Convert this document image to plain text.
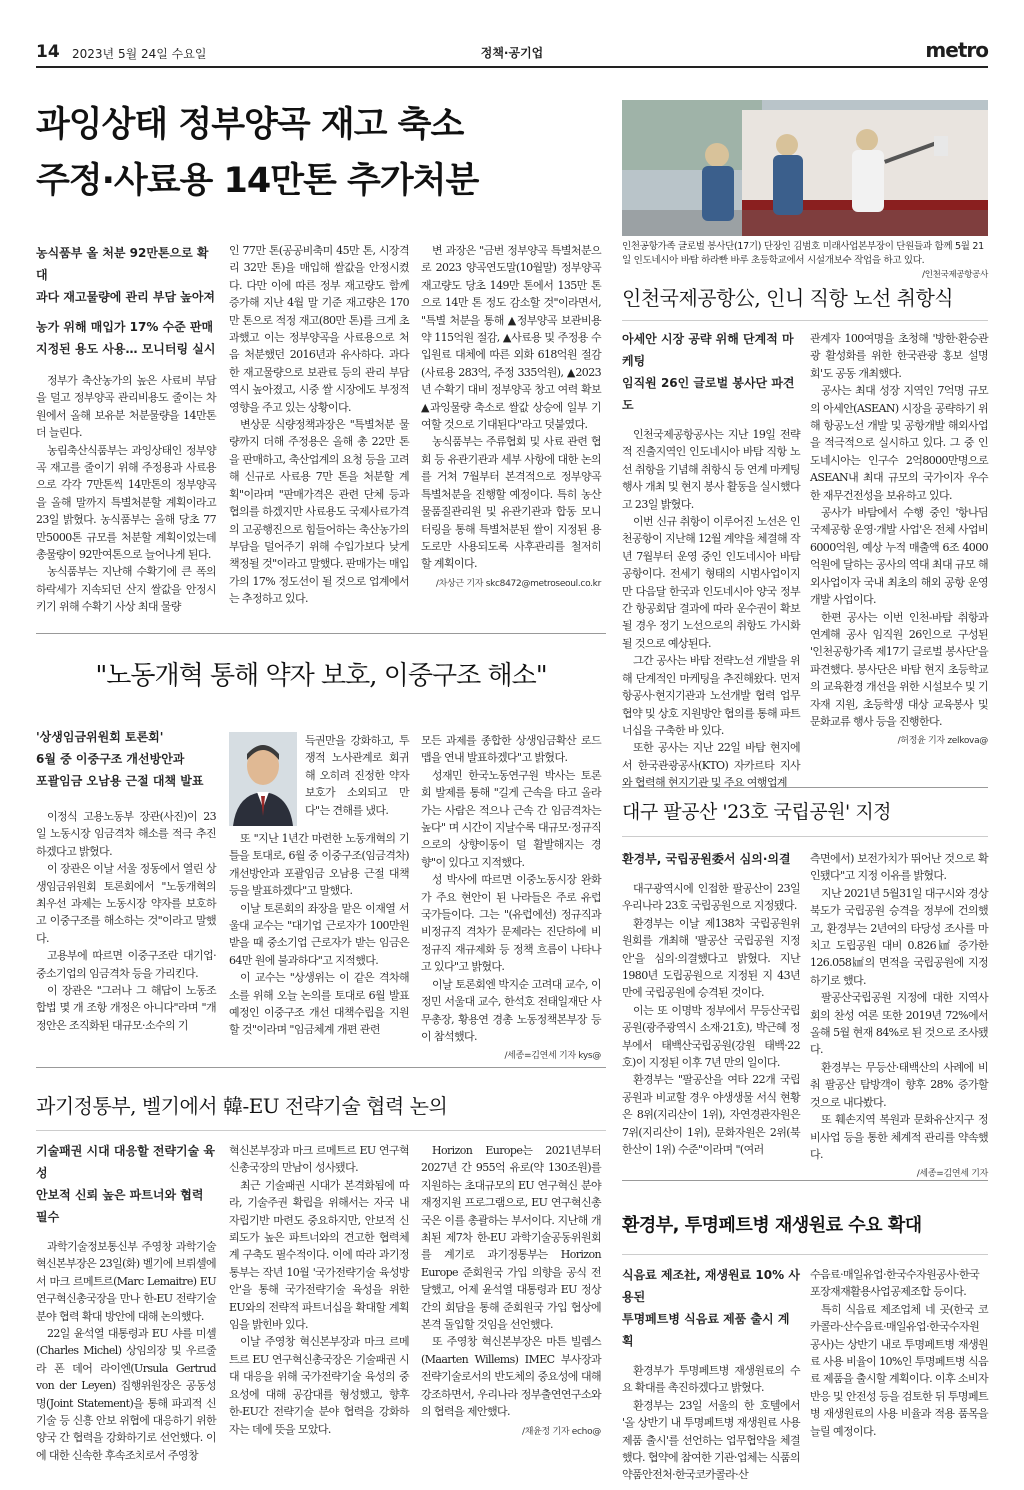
14 2023년 5월 24일 수요일	정책·공기업	metro
과잉상태 정부양곡 재고 축소
주정·사료용 14만톤 추가처분
농식품부 올 처분 92만톤으로 확대
과다 재고물량에 관리 부담 높아져
농가 위해 매입가 17% 수준 판매
지정된 용도 사용… 모니터링 실시

정부가 축산농가의 높은 사료비 부담을 덜고 정부양곡 관리비용도 줄이는 차원에서 올해 보유분 처분물량을 14만톤 더 늘린다.

농림축산식품부는 과잉상태인 정부양곡 재고를 줄이기 위해 주정용과 사료용으로 각각 7만톤씩 14만톤의 정부양곡을 올해 말까지 특별처분할 계획이라고 23일 밝혔다. 농식품부는 올해 당초 77만5000톤 규모를 처분할 계획이었는데 총물량이 92만여톤으로 늘어나게 된다.

농식품부는 지난해 수확기에 큰 폭의 하락세가 지속되던 산지 쌀값을 안정시키기 위해 수확기 사상 최대 물량

인 77만 톤(공공비축미 45만 톤, 시장격리 32만 톤)을 매입해 쌀값을 안정시켰다. 다만 이에 따른 정부 재고량도 함께 증가해 지난 4월 말 기준 재고량은 170만 톤으로 적정 재고(80만 톤)를 크게 초과했고 이는 정부양곡을 사료용으로 처음 처분했던 2016년과 유사하다. 과다한 재고물량으로 보관료 등의 관리 부담 역시 높아졌고, 시중 쌀 시장에도 부정적 영향을 주고 있는 상황이다.

변상문 식량정책과장은 "특별처분 물량까지 더해 주정용은 올해 총 22만 톤을 판매하고, 축산업계의 요청 등을 고려해 신규로 사료용 7만 톤을 처분할 계획"이라며 "판매가격은 관련 단체 등과 협의를 하겠지만 사료용도 국제사료가격의 고공행진으로 힘들어하는 축산농가의 부담을 덜어주기 위해 수입가보다 낮게 책정될 것"이라고 말했다. 판매가는 매입가의 17% 정도선이 될 것으로 업계에서는 추정하고 있다.

변 과장은 "금번 정부양곡 특별처분으로 2023 양곡연도말(10월말) 정부양곡 재고량도 당초 149만 톤에서 135만 톤으로 14만 톤 정도 감소할 것"이라면서, "특별 처분을 통해 ▲정부양곡 보관비용 약 115억원 절감, ▲사료용 및 주정용 수입원료 대체에 따른 외화 618억원 절감(사료용 283억, 주정 335억원), ▲2023년 수확기 대비 정부양곡 창고 여력 확보 ▲과잉물량 축소로 쌀값 상승에 일부 기여할 것으로 기대된다"라고 덧붙였다.

농식품부는 주류협회 및 사료 관련 협회 등 유관기관과 세부 사항에 대한 논의를 거쳐 7월부터 본격적으로 정부양곡 특별처분을 진행할 예정이다. 특히 농산물품질관리원 및 유관기관과 합동 모니터링을 통해 특별처분된 쌀이 지정된 용도로만 사용되도록 사후관리를 철저히 할 계획이다.

/차상근 기자 skc8472@metroseoul.co.kr
인천공항가족 글로벌 봉사단(17기) 단장인 김범호 미래사업본부장이 단원들과 함께 5월 21일 인도네시아 바탐 하라빤 바루 초등학교에서 시설개보수 작업을 하고 있다.
/인천국제공항공사
인천국제공항公, 인니 직항 노선 취항식
아세안 시장 공략 위해 단계적 마케팅
임직원 26인 글로벌 봉사단 파견도

인천국제공항공사는 지난 19일 전략적 진출지역인 인도네시아 바탐 직항 노선 취항을 기념해 취항식 등 연계 마케팅 행사 개최 및 현지 봉사 활동을 실시했다고 23일 밝혔다.

이번 신규 취항이 이루어진 노선은 인천공항이 지난해 12월 계약을 체결해 작년 7월부터 운영 중인 인도네시아 바탐공항이다. 전세기 형태의 시범사업이지만 다음달 한국과 인도네시아 양국 정부간 항공회담 결과에 따라 운수권이 확보될 경우 정기 노선으로의 취항도 가시화 될 것으로 예상된다.

그간 공사는 바탐 전략노선 개발을 위해 단계적인 마케팅을 추진해왔다. 먼저 항공사·현지기관과 노선개발 협력 업무협약 및 상호 지원방안 협의를 통해 파트너십을 구축한 바 있다.

또한 공사는 지난 22일 바탐 현지에서 한국관광공사(KTO) 자카르타 지사와 협력해 현지기관 및 주요 여행업계

관계자 100여명을 초청해 '방한·환승관광 활성화를 위한 한국관광 홍보 설명회'도 공동 개최했다.

공사는 최대 성장 지역인 7억명 규모의 아세안(ASEAN) 시장을 공략하기 위해 항공노선 개발 및 공항개발 해외사업을 적극적으로 실시하고 있다. 그 중 인도네시아는 인구수 2억8000만명으로 ASEAN내 최대 규모의 국가이자 우수한 재무건전성을 보유하고 있다.

공사가 바탐에서 수행 중인 '항나딤 국제공항 운영·개발 사업'은 전체 사업비 6000억원, 예상 누적 매출액 6조 4000억원에 달하는 공사의 역대 최대 규모 해외사업이자 국내 최초의 해외 공항 운영 개발 사업이다.

한편 공사는 이번 인천-바탐 취항과 연계해 공사 임직원 26인으로 구성된 '인천공항가족 제17기 글로벌 봉사단'을 파견했다. 봉사단은 바탐 현지 초등학교의 교육환경 개선을 위한 시설보수 및 기자재 지원, 초등학생 대상 교육봉사 및 문화교류 행사 등을 진행한다.

/허정윤 기자 zelkova@
"노동개혁 통해 약자 보호, 이중구조 해소"
'상생임금위원회 토론회'
6월 중 이중구조 개선방안과
포괄임금 오남용 근절 대책 발표

이정식 고용노동부 장관(사진)이 23일 노동시장 임금격차 해소를 적극 추진하겠다고 밝혔다.

이 장관은 이날 서울 정동에서 열린 상생임금위원회 토론회에서 "노동개혁의 최우선 과제는 노동시장 약자를 보호하고 이중구조를 해소하는 것"이라고 말했다.

고용부에 따르면 이중구조란 대기업·중소기업의 임금격차 등을 가리킨다.

이 장관은 "그러나 그 해답이 노동조합법 몇 개 조항 개정은 아니다"라며 "개정안은 조직화된 대규모·소수의 기

득권만을 강화하고, 투쟁적 노사관계로 회귀해 오히려 진정한 약자보호가 소외되고 만다"는 견해를 냈다.

또 "지난 1년간 마련한 노동개혁의 기틀을 토대로, 6월 중 이중구조(임금격차) 개선방안과 포괄임금 오남용 근절 대책 등을 발표하겠다"고 말했다.

이날 토론회의 좌장을 맡은 이재열 서울대 교수는 "대기업 근로자가 100만원 받을 때 중소기업 근로자가 받는 임금은 64만 원에 불과하다"고 지적했다.

이 교수는 "상생위는 이 같은 격차해소를 위해 오늘 논의를 토대로 6월 발표 예정인 이중구조 개선 대책수립을 지원할 것"이라며 "임금체계 개편 관련

모든 과제를 종합한 상생임금확산 로드맵을 연내 발표하겠다"고 밝혔다.

성재민 한국노동연구원 박사는 토론회 발제를 통해 "길게 근속을 타고 올라가는 사람은 적으나 근속 간 임금격차는 높다" 며 시간이 지날수록 대규모·정규직으로의 상향이동이 덜 활발해지는 경향"이 있다고 지적했다.

성 박사에 따르면 이중노동시장 완화가 주요 현안이 된 나라들은 주로 유럽 국가들이다. 그는 "(유럽에선) 정규직과 비정규직 격차가 문제라는 진단하에 비정규직 재규제화 등 정책 흐름이 나타나고 있다"고 밝혔다.

이날 토론회엔 박지순 고려대 교수, 이정민 서울대 교수, 한석호 전태일재단 사무총장, 황용연 경총 노동정책본부장 등이 참석했다.

/세종=김연세 기자 kys@
대구 팔공산 '23호 국립공원' 지정
환경부, 국립공원委서 심의·의결

대구광역시에 인접한 팔공산이 23일 우리나라 23호 국립공원으로 지정됐다.

환경부는 이날 제138차 국립공원위원회를 개최해 '팔공산 국립공원 지정안'을 심의·의결했다고 밝혔다. 지난 1980년 도립공원으로 지정된 지 43년 만에 국립공원에 승격된 것이다.

이는 또 이명박 정부에서 무등산국립공원(광주광역시 소재·21호), 박근혜 정부에서 태백산국립공원(강원 태백·22호)이 지정된 이후 7년 만의 일이다.

환경부는 "팔공산을 여타 22개 국립공원과 비교할 경우 야생생물 서식 현황은 8위(지리산이 1위), 자연경관자원은 7위(지리산이 1위), 문화자원은 2위(북한산이 1위) 수준"이라며 "(여러

측면에서) 보전가치가 뛰어난 것으로 확인됐다"고 지정 이유를 밝혔다.

지난 2021년 5월31일 대구시와 경상북도가 국립공원 승격을 정부에 건의했고, 환경부는 2년여의 타당성 조사를 마치고 도립공원 대비 0.826㎢ 증가한 126.058㎢의 면적을 국립공원에 지정하기로 했다.

팔공산국립공원 지정에 대한 지역사회의 찬성 여론 또한 2019년 72%에서 올해 5월 현재 84%로 된 것으로 조사됐다.

환경부는 무등산·태백산의 사례에 비춰 팔공산 탐방객이 향후 28% 증가할 것으로 내다봤다.

또 훼손지역 복원과 문화유산지구 정비사업 등을 통한 체계적 관리를 약속했다.

/세종=김연세 기자
과기정통부, 벨기에서 韓-EU 전략기술 협력 논의
기술패권 시대 대응할 전략기술 육성
안보적 신뢰 높은 파트너와 협력 필수

과학기술정보통신부 주영창 과학기술혁신본부장은 23일(화) 벨기에 브뤼셀에서 마크 르메트르(Marc Lemaitre) EU 연구혁신총국장을 만나 한-EU 전략기술 분야 협력 확대 방안에 대해 논의했다.

22일 윤석열 대통령과 EU 샤를 미셸(Charles Michel) 상임의장 및 우르줄라 폰 데어 라이엔(Ursula Gertrud von der Leyen) 집행위원장은 공동성명(Joint Statement)을 통해 파괴적 신기술 등 신흥 안보 위협에 대응하기 위한 양국 간 협력을 강화하기로 선언했다. 이에 대한 신속한 후속조치로서 주영창

혁신본부장과 마크 르메트르 EU 연구혁신총국장의 만남이 성사됐다.

최근 기술패권 시대가 본격화됨에 따라, 기술주권 확립을 위해서는 자국 내 자립기반 마련도 중요하지만, 안보적 신뢰도가 높은 파트너와의 견고한 협력체계 구축도 필수적이다. 이에 따라 과기정통부는 작년 10월 '국가전략기술 육성방안'을 통해 국가전략기술 육성을 위한 EU와의 전략적 파트너십을 확대할 계획임을 밝힌바 있다.

이날 주영창 혁신본부장과 마크 르메트르 EU 연구혁신총국장은 기술패권 시대 대응을 위해 국가전략기술 육성의 중요성에 대해 공감대를 형성했고, 향후 한-EU간 전략기술 분야 협력을 강화하자는 데에 뜻을 모았다.

Horizon Europe는 2021년부터 2027년 간 955억 유로(약 130조원)를 지원하는 초대규모의 EU 연구혁신 분야 재정지원 프로그램으로, EU 연구혁신총국은 이를 총괄하는 부서이다. 지난해 개최된 제7차 한-EU 과학기술공동위원회를 계기로 과기정통부는 Horizon Europe 준회원국 가입 의향을 공식 전달했고, 어제 윤석열 대통령과 EU 정상 간의 회담을 통해 준회원국 가입 협상에 본격 돌입할 것임을 선언했다.

또 주영창 혁신본부장은 마튼 빌렘스(Maarten Willems) IMEC 부사장과 전략기술로서의 반도체의 중요성에 대해 강조하면서, 우리나라 정부출연연구소와의 협력을 제안했다.

/채윤정 기자 echo@
환경부, 투명페트병 재생원료 수요 확대
식음료 제조社, 재생원료 10% 사용된
투명페트병 식음료 제품 출시 계획

환경부가 투명페트병 재생원료의 수요 확대를 촉진하겠다고 밝혔다.

환경부는 23일 서울의 한 호텔에서 '올 상반기 내 투명페트병 재생원료 사용제품 출시'를 선언하는 업무협약을 체결했다. 협약에 참여한 기관·업체는 식품의약품안전처·한국코카콜라·산

수음료·매일유업·한국수자원공사·한국포장재재활용사업공제조합 등이다.

특히 식음료 제조업체 네 곳(한국 코카콜라·산수음료·매일유업·한국수자원공사)는 상반기 내로 투명페트병 재생원료 사용 비율이 10%인 투명페트병 식음료 제품을 출시할 계획이다. 이후 소비자 반응 및 안전성 등을 검토한 뒤 투명페트병 재생원료의 사용 비율과 적용 품목을 늘릴 예정이다.
